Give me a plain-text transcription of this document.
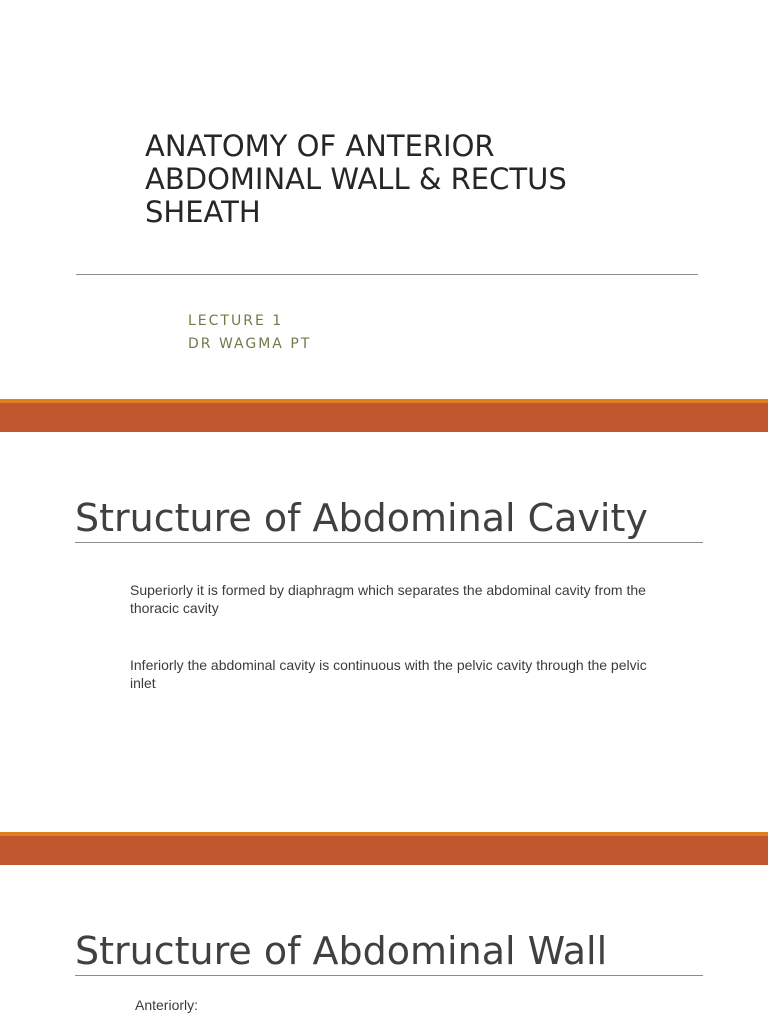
ANATOMY OF ANTERIOR
ABDOMINAL WALL & RECTUS
SHEATH
LECTURE 1
DR WAGMA PT
Structure of Abdominal Cavity

Superiorly it is formed by diaphragm which separates the abdominal cavity from the thoracic cavity

Inferiorly the abdominal cavity is continuous with the pelvic cavity through the pelvic inlet

Structure of Abdominal Wall

Anteriorly:
